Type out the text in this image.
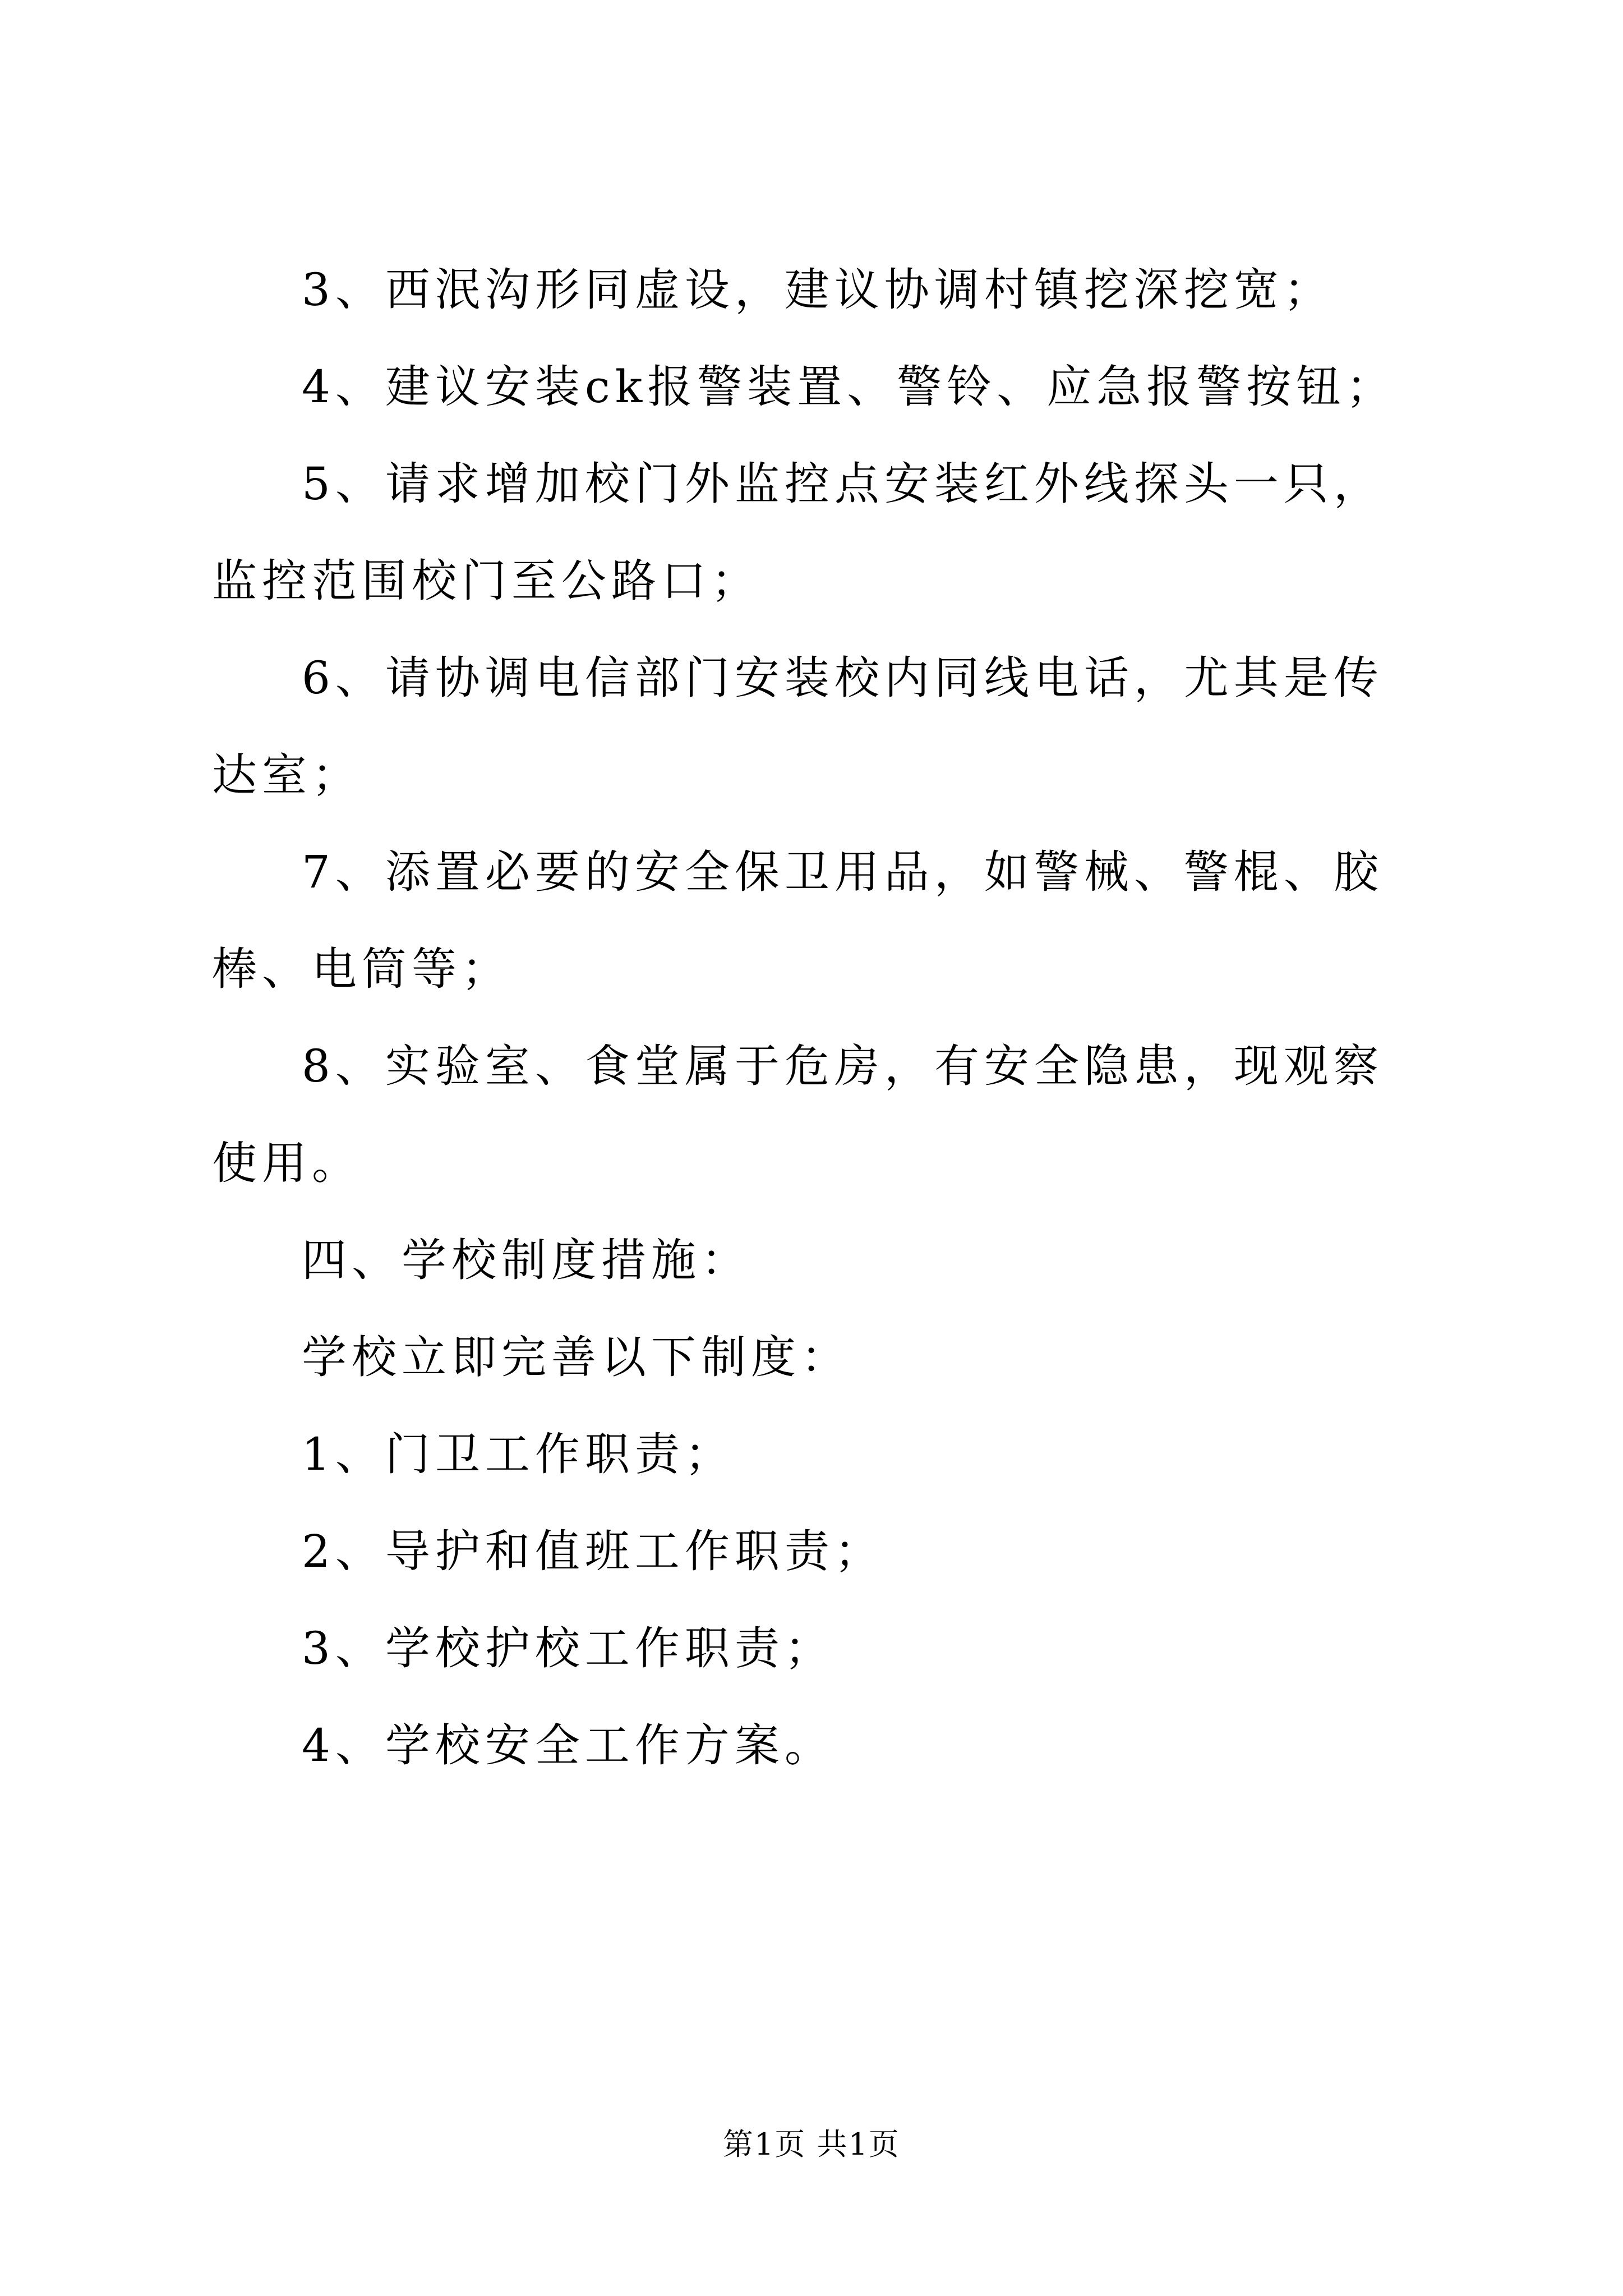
3、西泯沟形同虚设，建议协调村镇挖深挖宽；

4、建议安装ck报警装置、警铃、应急报警按钮；

5、请求增加校门外监控点安装红外线探头一只，监控范围校门至公路口；

6、请协调电信部门安装校内同线电话，尤其是传达室；

7、添置必要的安全保卫用品，如警械、警棍、胶棒、电筒等；

8、实验室、食堂属于危房，有安全隐患，现观察使用。

四、学校制度措施：

学校立即完善以下制度：

1、门卫工作职责；

2、导护和值班工作职责；

3、学校护校工作职责；

4、学校安全工作方案。

第1页 共1页
